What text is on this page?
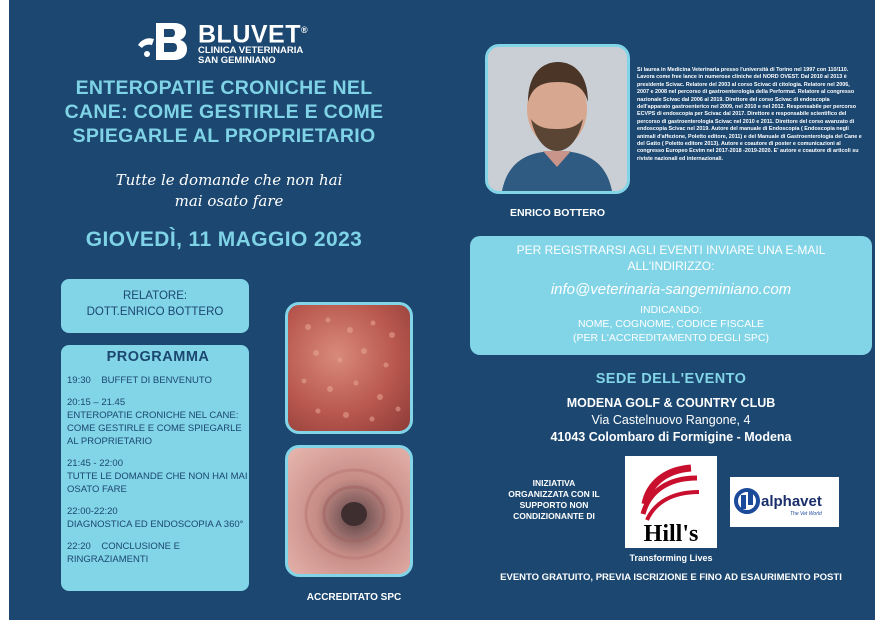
BLUVET®
CLINICA VETERINARIA
SAN GEMINIANO
ENTEROPATIE CRONICHE NEL
CANE: COME GESTIRLE E COME
SPIEGARLE AL PROPRIETARIO
Tutte le domande che non hai
mai osato fare
GIOVEDÌ, 11 MAGGIO 2023
RELATORE:
DOTT.ENRICO BOTTERO
PROGRAMMA
19:30 BUFFET DI BENVENUTO
20:15 – 21.45
ENTEROPATIE CRONICHE NEL CANE: COME GESTIRLE E COME SPIEGARLE AL PROPRIETARIO
21:45 - 22:00
TUTTE LE DOMANDE CHE NON HAI MAI OSATO FARE
22:00-22:20
DIAGNOSTICA ED ENDOSCOPIA A 360°
22:20 CONCLUSIONE E RINGRAZIAMENTI
ACCREDITATO SPC
ENRICO BOTTERO
Si laurea in Medicina Veterinaria presso l'università di Torino nel 1997 con 110/110. Lavora come free lance in numerose cliniche del NORD OVEST. Dal 2010 al 2013 è presidente Scivac. Relatore del 2003 al corso Scivac di citologia. Relatore nel 2006, 2007 e 2008 nel percorso di gastroenterologia della Performat. Relatore al congresso nazionale Scivac dal 2006 al 2019. Direttore del corso Scivac di endoscopia dell'apparato gastroenterico nel 2009, nel 2010 e nel 2012. Responsabile per percorso ECVPS di endoscopia per Scivac dal 2017. Direttore e responsabile scientifico del percorso di gastroenterologia Scivac nel 2010 e 2011. Direttore del corso avanzato di endoscopia Scivac nel 2019. Autore del manuale di Endoscopia ( Endoscopia negli animali d'affezione, Poletto editore, 2011) e del Manuale di Gastroenterologia del Cane e del Gatto ( Poletto editore 2013). Autore e coautore di poster e comunicazioni al congresso Europeo Ecvim nel 2017-2018 -2019-2020. E' autore e coautore di articoli su riviste nazionali ed internazionali.
PER REGISTRARSI AGLI EVENTI INVIARE UNA E-MAIL
ALL'INDIRIZZO:
info@veterinaria-sangeminiano.com
INDICANDO:
NOME, COGNOME, CODICE FISCALE
(PER L'ACCREDITAMENTO DEGLI SPC)
SEDE DELL'EVENTO
MODENA GOLF & COUNTRY CLUB
Via Castelnuovo Rangone, 4
41043 Colombaro di Formigine - Modena
INIZIATIVA ORGANIZZATA CON IL SUPPORTO NON CONDIZIONANTE DI
Hill's
Transforming Lives
alphavet
The Vet World
EVENTO GRATUITO, PREVIA ISCRIZIONE E FINO AD ESAURIMENTO POSTI
